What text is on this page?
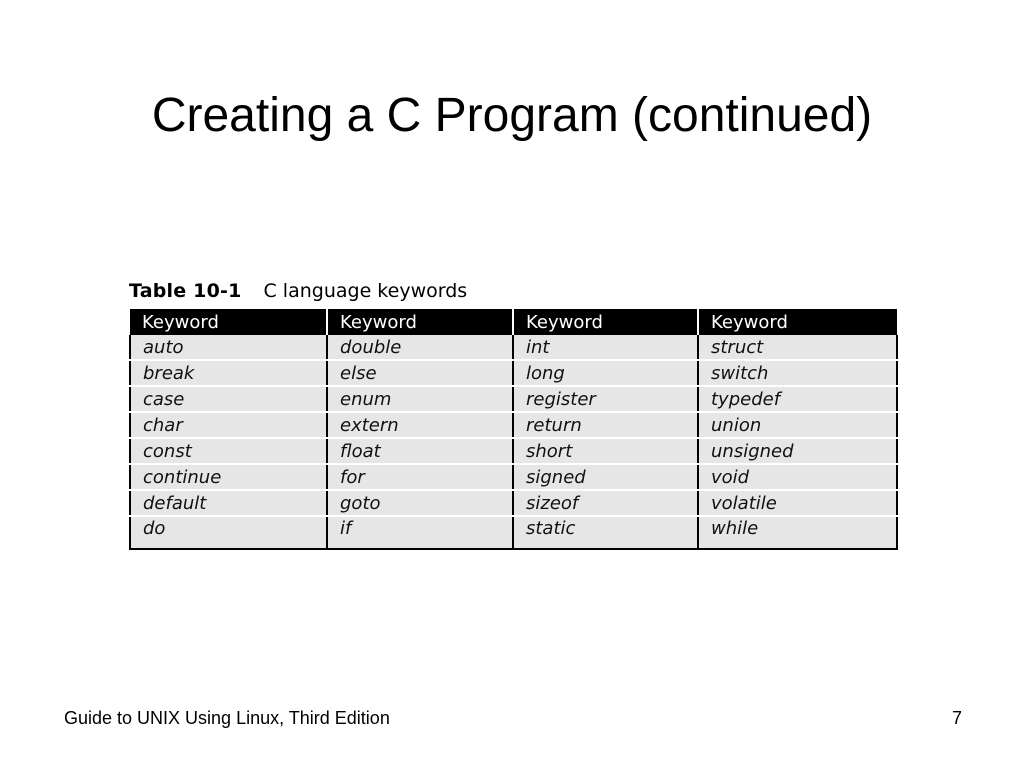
Creating a C Program (continued)
Table 10-1 C language keywords
Keyword	Keyword	Keyword	Keyword
auto	double	int	struct
break	else	long	switch
case	enum	register	typedef
char	extern	return	union
const	float	short	unsigned
continue	for	signed	void
default	goto	sizeof	volatile
do	if	static	while
Guide to UNIX Using Linux, Third Edition	7
